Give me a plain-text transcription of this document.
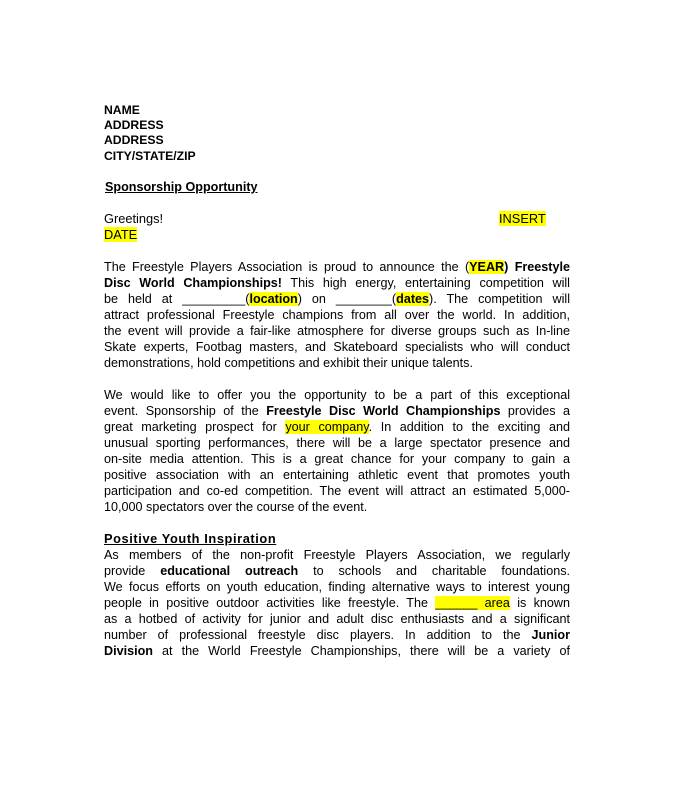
NAME
ADDRESS
ADDRESS
CITY/STATE/ZIP
Sponsorship Opportunity
Greetings!	INSERT
DATE
The Freestyle Players Association is proud to announce the (YEAR) Freestyle
Disc World Championships! This high energy, entertaining competition will
be held at _________(location) on ________(dates). The competition will
attract professional Freestyle champions from all over the world. In addition,
the event will provide a fair-like atmosphere for diverse groups such as In-line
Skate experts, Footbag masters, and Skateboard specialists who will conduct
demonstrations, hold competitions and exhibit their unique talents.
We would like to offer you the opportunity to be a part of this exceptional
event. Sponsorship of the Freestyle Disc World Championships provides a
great marketing prospect for your company. In addition to the exciting and
unusual sporting performances, there will be a large spectator presence and
on-site media attention. This is a great chance for your company to gain a
positive association with an entertaining athletic event that promotes youth
participation and co-ed competition. The event will attract an estimated 5,000-
10,000 spectators over the course of the event.
Positive Youth Inspiration
As members of the non-profit Freestyle Players Association, we regularly
provide educational outreach to schools and charitable foundations.
We focus efforts on youth education, finding alternative ways to interest young
people in positive outdoor activities like freestyle. The ______ area is known
as a hotbed of activity for junior and adult disc enthusiasts and a significant
number of professional freestyle disc players. In addition to the Junior
Division at the World Freestyle Championships, there will be a variety of
